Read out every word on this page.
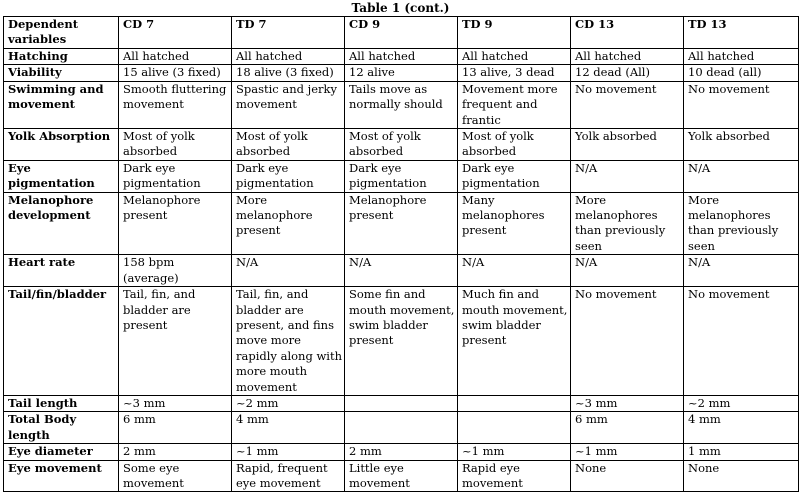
Table 1 (cont.)
Dependent variables	CD 7	TD 7	CD 9	TD 9	CD 13	TD 13
Hatching	All hatched	All hatched	All hatched	All hatched	All hatched	All hatched
Viability	15 alive (3 fixed)	18 alive (3 fixed)	12 alive	13 alive, 3 dead	12 dead (All)	10 dead (all)
Swimming and movement	Smooth fluttering movement	Spastic and jerky movement	Tails move as normally should	Movement more frequent and frantic	No movement	No movement
Yolk Absorption	Most of yolk absorbed	Most of yolk absorbed	Most of yolk absorbed	Most of yolk absorbed	Yolk absorbed	Yolk absorbed
Eye pigmentation	Dark eye pigmentation	Dark eye pigmentation	Dark eye pigmentation	Dark eye pigmentation	N/A	N/A
Melanophore development	Melanophore present	More melanophore present	Melanophore present	Many melanophores present	More melanophores than previously seen	More melanophores than previously seen
Heart rate	158 bpm (average)	N/A	N/A	N/A	N/A	N/A
Tail/fin/bladder	Tail, fin, and bladder are present	Tail, fin, and bladder are present, and fins move more rapidly along with more mouth movement	Some fin and mouth movement, swim bladder present	Much fin and mouth movement, swim bladder present	No movement	No movement
Tail length	~3 mm	~2 mm			~3 mm	~2 mm
Total Body length	6 mm	4 mm			6 mm	4 mm
Eye diameter	2 mm	~1 mm	2 mm	~1 mm	~1 mm	1 mm
Eye movement	Some eye movement	Rapid, frequent eye movement	Little eye movement	Rapid eye movement	None	None
